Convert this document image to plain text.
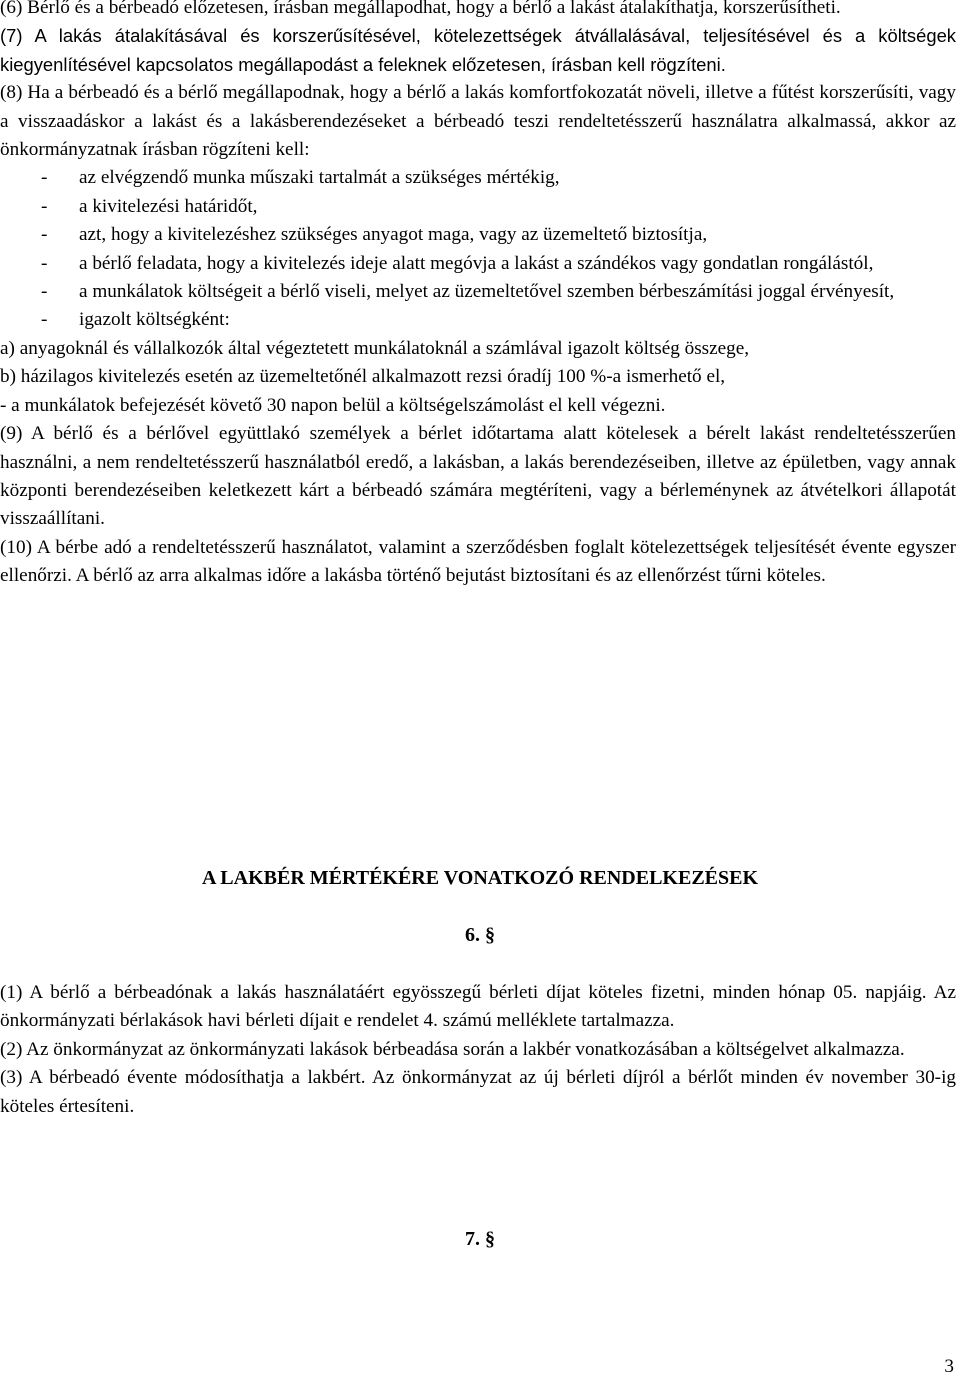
(6) Bérlő és a bérbeadó előzetesen, írásban megállapodhat, hogy a bérlő a lakást átalakíthatja, korszerűsítheti.

(7) A lakás átalakításával és korszerűsítésével, kötelezettségek átvállalásával, teljesítésével és a költségek kiegyenlítésével kapcsolatos megállapodást a feleknek előzetesen, írásban kell rögzíteni.

(8) Ha a bérbeadó és a bérlő megállapodnak, hogy a bérlő a lakás komfortfokozatát növeli, illetve a fűtést korszerűsíti, vagy a visszaadáskor a lakást és a lakásberendezéseket a bérbeadó teszi rendeltetésszerű használatra alkalmassá, akkor az önkormányzatnak írásban rögzíteni kell:

- az elvégzendő munka műszaki tartalmát a szükséges mértékig,
- a kivitelezési határidőt,
- azt, hogy a kivitelezéshez szükséges anyagot maga, vagy az üzemeltető biztosítja,
- a bérlő feladata, hogy a kivitelezés ideje alatt megóvja a lakást a szándékos vagy gondatlan rongálástól,
- a munkálatok költségeit a bérlő viseli, melyet az üzemeltetővel szemben bérbeszámítási joggal érvényesít,
- igazolt költségként:

a) anyagoknál és vállalkozók által végeztetett munkálatoknál a számlával igazolt költség összege,

b) házilagos kivitelezés esetén az üzemeltetőnél alkalmazott rezsi óradíj 100 %-a ismerhető el,

- a munkálatok befejezését követő 30 napon belül a költségelszámolást el kell végezni.

(9) A bérlő és a bérlővel együttlakó személyek a bérlet időtartama alatt kötelesek a bérelt lakást rendeltetésszerűen használni, a nem rendeltetésszerű használatból eredő, a lakásban, a lakás berendezéseiben, illetve az épületben, vagy annak központi berendezéseiben keletkezett kárt a bérbeadó számára megtéríteni, vagy a bérleménynek az átvételkori állapotát visszaállítani.

(10) A bérbe adó a rendeltetésszerű használatot, valamint a szerződésben foglalt kötelezettségek teljesítését évente egyszer ellenőrzi. A bérlő az arra alkalmas időre a lakásba történő bejutást biztosítani és az ellenőrzést tűrni köteles.

A LAKBÉR MÉRTÉKÉRE VONATKOZÓ RENDELKEZÉSEK
6. §

(1) A bérlő a bérbeadónak a lakás használatáért egyösszegű bérleti díjat köteles fizetni, minden hónap 05. napjáig. Az önkormányzati bérlakások havi bérleti díjait e rendelet 4. számú melléklete tartalmazza.

(2) Az önkormányzat az önkormányzati lakások bérbeadása során a lakbér vonatkozásában a költségelvet alkalmazza.

(3) A bérbeadó évente módosíthatja a lakbért. Az önkormányzat az új bérleti díjról a bérlőt minden év november 30-ig köteles értesíteni.

7. §
3
